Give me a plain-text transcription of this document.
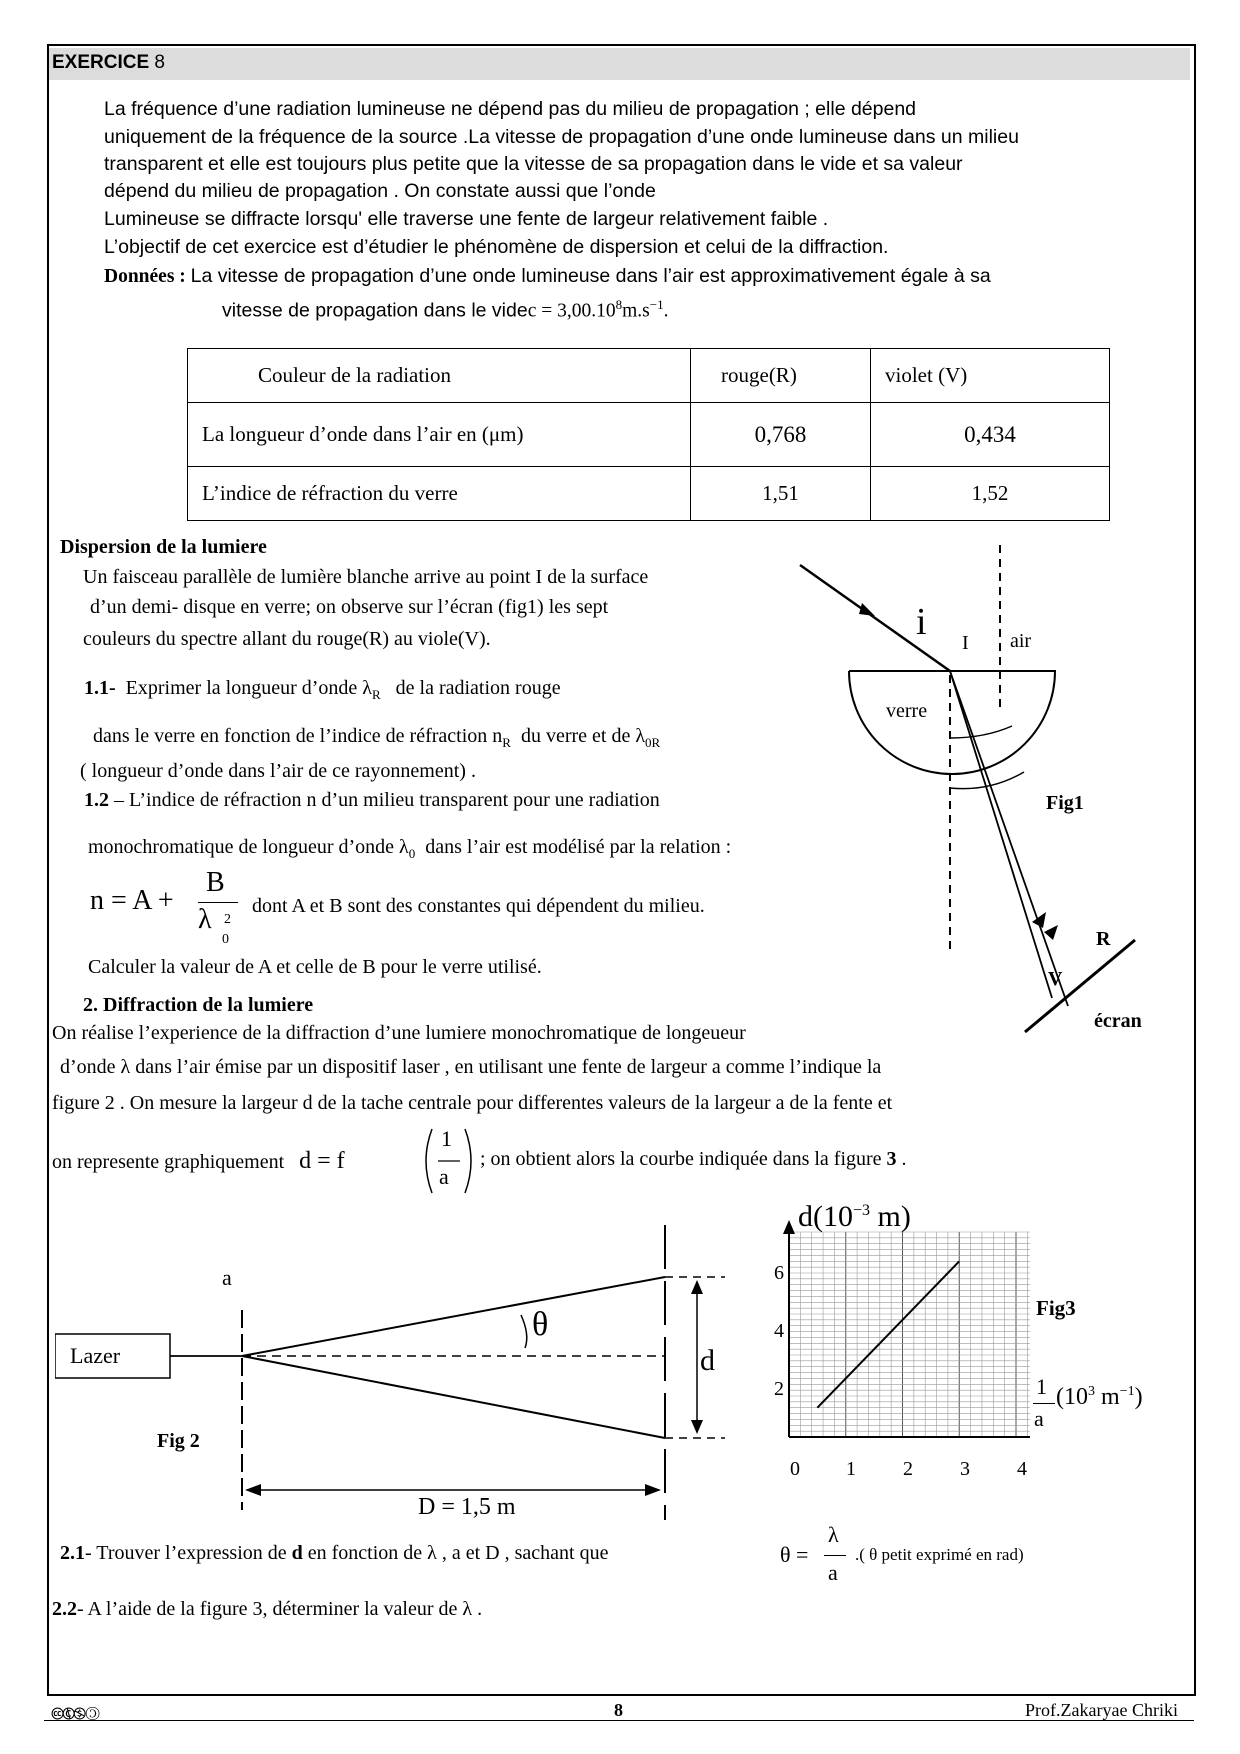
EXERCICE 8
La fréquence d’une radiation lumineuse ne dépend pas du milieu de propagation ; elle dépend
uniquement de la fréquence de la source .La vitesse de propagation d’une onde lumineuse dans un milieu
transparent et elle est toujours plus petite que la vitesse de sa propagation dans le vide et sa valeur
dépend du milieu de propagation . On constate aussi que l’onde
Lumineuse se diffracte lorsqu' elle traverse une fente de largeur relativement faible .
L’objectif de cet exercice est d’étudier le phénomène de dispersion et celui de la diffraction.
Données : La vitesse de propagation d’une onde lumineuse dans l’air est approximativement égale à sa
vitesse de propagation dans le videc = $3,00.10^8m.s^{-1}$.
Couleur de la radiation	rouge(R)	violet (V)
La longueur d’onde dans l’air en (μm)	0,768	0,434
L’indice de réfraction du verre	1,51	1,52
Dispersion de la lumiere
Un faisceau parallèle de lumière blanche arrive au point I de la surface
d’un demi- disque en verre; on observe sur l’écran (fig1) les sept
couleurs du spectre allant du rouge(R) au viole(V).
1.1- Exprimer la longueur d’onde $\lambda_R$ de la radiation rouge
dans le verre en fonction de l’indice de réfraction $n_R$ du verre et de $\lambda_{0R}$
( longueur d’onde dans l’air de ce rayonnement) .
1.2 – L’indice de réfraction n d’un milieu transparent pour une radiation
monochromatique de longueur d’onde $\lambda_0$ dans l’air est modélisé par la relation :
n = A +
B
λ 2
0
dont A et B sont des constantes qui dépendent du milieu.
Calculer la valeur de A et celle de B pour le verre utilisé.
i I air
verre
Fig1
R
V
écran
2. Diffraction de la lumiere
On réalise l’experience de la diffraction d’une lumiere monochromatique de longeueur
d’onde λ dans l’air émise par un dispositif laser , en utilisant une fente de largeur a comme l’indique la
figure 2 . On mesure la largeur d de la tache centrale pour differentes valeurs de la largeur a de la fente et
on represente graphiquement d = f
1
a
; on obtient alors la courbe indiquée dans la figure 3 .
a
Lazer
θ
d
Fig 2
D = 1,5 m
$d(10^{-3}$ m)
6
4
2
0 1 2 3 4
Fig3
1
a
($10^3$ $m^{-1}$)
2.1- Trouver l’expression de d en fonction de λ , a et D , sachant que	θ =
λ
a
.( θ petit exprimé en rad)
2.2- A l’aide de la figure 3, déterminer la valeur de λ .
🅭🅮🄏🄯	8	Prof.Zakaryae Chriki
